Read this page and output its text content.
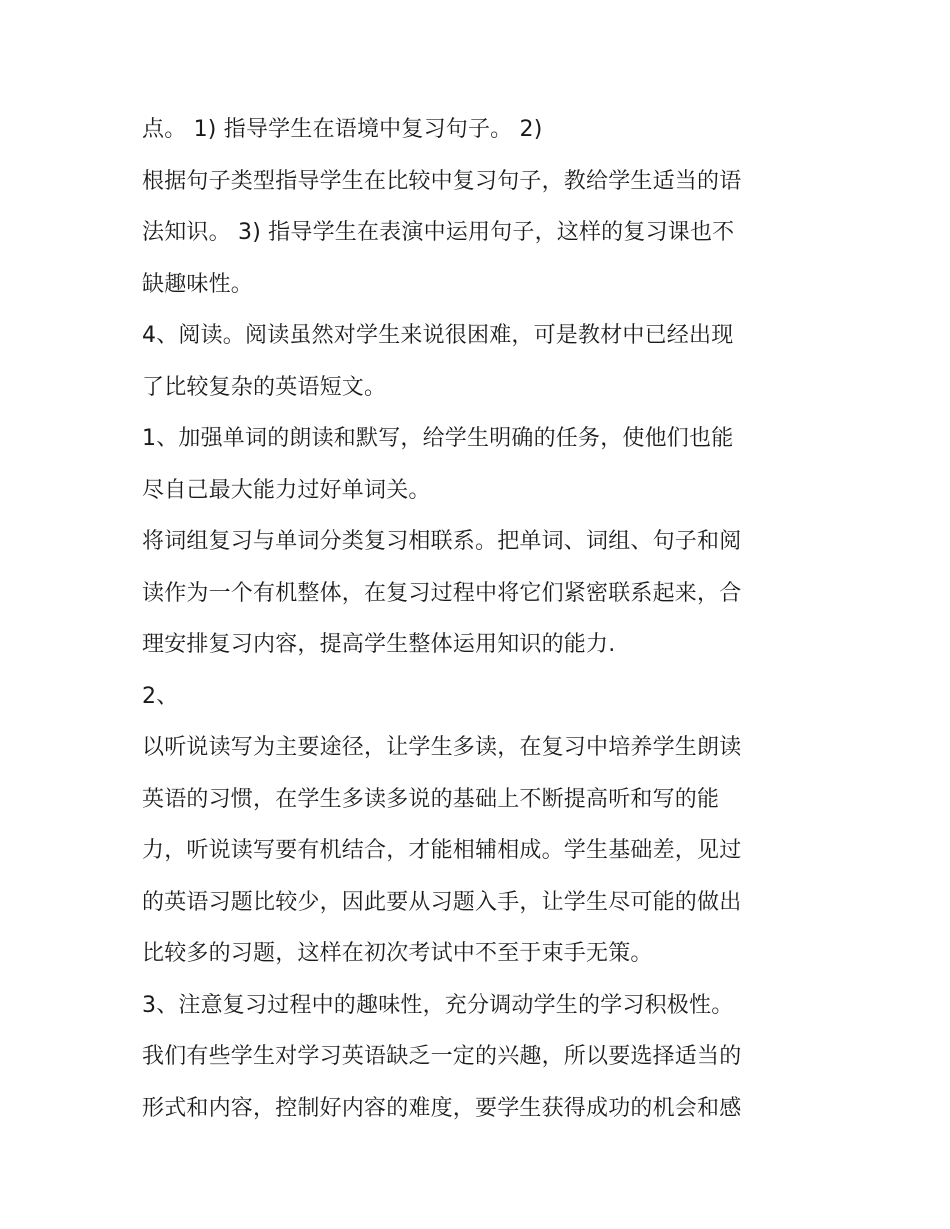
点。 1) 指导学生在语境中复习句子。 2)
根据句子类型指导学生在比较中复习句子，教给学生适当的语
法知识。 3) 指导学生在表演中运用句子，这样的复习课也不
缺趣味性。
4、阅读。阅读虽然对学生来说很困难，可是教材中已经出现
了比较复杂的英语短文。
1、加强单词的朗读和默写，给学生明确的任务，使他们也能
尽自己最大能力过好单词关。
将词组复习与单词分类复习相联系。把单词、词组、句子和阅
读作为一个有机整体，在复习过程中将它们紧密联系起来，合
理安排复习内容，提高学生整体运用知识的能力.
2、
以听说读写为主要途径，让学生多读，在复习中培养学生朗读
英语的习惯，在学生多读多说的基础上不断提高听和写的能
力，听说读写要有机结合，才能相辅相成。学生基础差，见过
的英语习题比较少，因此要从习题入手，让学生尽可能的做出
比较多的习题，这样在初次考试中不至于束手无策。
3、注意复习过程中的趣味性，充分调动学生的学习积极性。
我们有些学生对学习英语缺乏一定的兴趣，所以要选择适当的
形式和内容，控制好内容的难度，要学生获得成功的机会和感
